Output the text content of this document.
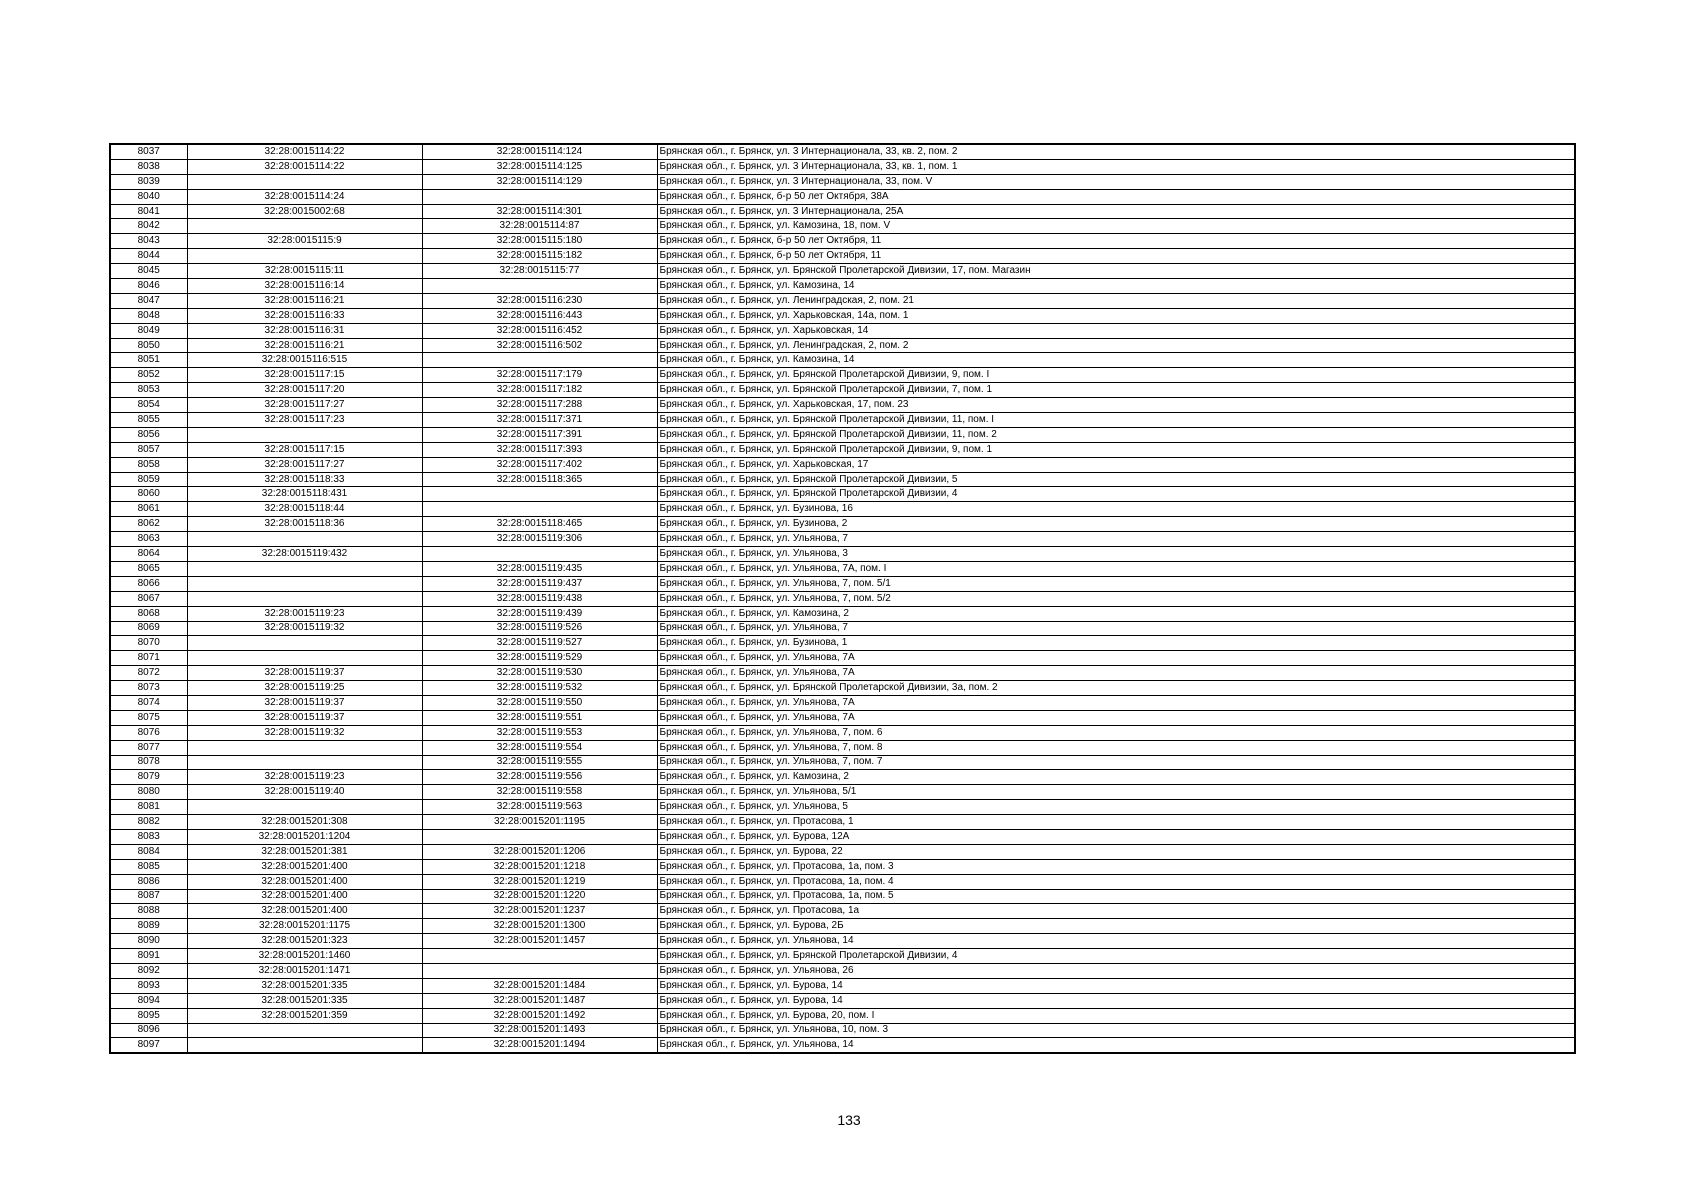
8037	32:28:0015114:22	32:28:0015114:124	Брянская обл., г. Брянск, ул. 3 Интернационала, 33, кв. 2, пом. 2
8038	32:28:0015114:22	32:28:0015114:125	Брянская обл., г. Брянск, ул. 3 Интернационала, 33, кв. 1, пом. 1
8039		32:28:0015114:129	Брянская обл., г. Брянск, ул. 3 Интернационала, 33, пом. V
8040	32:28:0015114:24		Брянская обл., г. Брянск, б-р 50 лет Октября, 38А
8041	32:28:0015002:68	32:28:0015114:301	Брянская обл., г. Брянск, ул. 3 Интернационала, 25А
8042		32:28:0015114:87	Брянская обл., г. Брянск, ул. Камозина, 18, пом. V
8043	32:28:0015115:9	32:28:0015115:180	Брянская обл., г. Брянск, б-р 50 лет Октября, 11
8044		32:28:0015115:182	Брянская обл., г. Брянск, б-р 50 лет Октября, 11
8045	32:28:0015115:11	32:28:0015115:77	Брянская обл., г. Брянск, ул. Брянской Пролетарской Дивизии, 17, пом. Магазин
8046	32:28:0015116:14		Брянская обл., г. Брянск, ул. Камозина, 14
8047	32:28:0015116:21	32:28:0015116:230	Брянская обл., г. Брянск, ул. Ленинградская, 2, пом. 21
8048	32:28:0015116:33	32:28:0015116:443	Брянская обл., г. Брянск, ул. Харьковская, 14а, пом. 1
8049	32:28:0015116:31	32:28:0015116:452	Брянская обл., г. Брянск, ул. Харьковская, 14
8050	32:28:0015116:21	32:28:0015116:502	Брянская обл., г. Брянск, ул. Ленинградская, 2, пом. 2
8051	32:28:0015116:515		Брянская обл., г. Брянск, ул. Камозина, 14
8052	32:28:0015117:15	32:28:0015117:179	Брянская обл., г. Брянск, ул. Брянской Пролетарской Дивизии, 9, пом. I
8053	32:28:0015117:20	32:28:0015117:182	Брянская обл., г. Брянск, ул. Брянской Пролетарской Дивизии, 7, пом. 1
8054	32:28:0015117:27	32:28:0015117:288	Брянская обл., г. Брянск, ул. Харьковская, 17, пом. 23
8055	32:28:0015117:23	32:28:0015117:371	Брянская обл., г. Брянск, ул. Брянской Пролетарской Дивизии, 11, пом. I
8056		32:28:0015117:391	Брянская обл., г. Брянск, ул. Брянской Пролетарской Дивизии, 11, пом. 2
8057	32:28:0015117:15	32:28:0015117:393	Брянская обл., г. Брянск, ул. Брянской Пролетарской Дивизии, 9, пом. 1
8058	32:28:0015117:27	32:28:0015117:402	Брянская обл., г. Брянск, ул. Харьковская, 17
8059	32:28:0015118:33	32:28:0015118:365	Брянская обл., г. Брянск, ул. Брянской Пролетарской Дивизии, 5
8060	32:28:0015118:431		Брянская обл., г. Брянск, ул. Брянской Пролетарской Дивизии, 4
8061	32:28:0015118:44		Брянская обл., г. Брянск, ул. Бузинова, 16
8062	32:28:0015118:36	32:28:0015118:465	Брянская обл., г. Брянск, ул. Бузинова, 2
8063		32:28:0015119:306	Брянская обл., г. Брянск, ул. Ульянова, 7
8064	32:28:0015119:432		Брянская обл., г. Брянск, ул. Ульянова, 3
8065		32:28:0015119:435	Брянская обл., г. Брянск, ул. Ульянова, 7А, пом. I
8066		32:28:0015119:437	Брянская обл., г. Брянск, ул. Ульянова, 7, пом. 5/1
8067		32:28:0015119:438	Брянская обл., г. Брянск, ул. Ульянова, 7, пом. 5/2
8068	32:28:0015119:23	32:28:0015119:439	Брянская обл., г. Брянск, ул. Камозина, 2
8069	32:28:0015119:32	32:28:0015119:526	Брянская обл., г. Брянск, ул. Ульянова, 7
8070		32:28:0015119:527	Брянская обл., г. Брянск, ул. Бузинова, 1
8071		32:28:0015119:529	Брянская обл., г. Брянск, ул. Ульянова, 7А
8072	32:28:0015119:37	32:28:0015119:530	Брянская обл., г. Брянск, ул. Ульянова, 7А
8073	32:28:0015119:25	32:28:0015119:532	Брянская обл., г. Брянск, ул. Брянской Пролетарской Дивизии, 3а, пом. 2
8074	32:28:0015119:37	32:28:0015119:550	Брянская обл., г. Брянск, ул. Ульянова, 7А
8075	32:28:0015119:37	32:28:0015119:551	Брянская обл., г. Брянск, ул. Ульянова, 7А
8076	32:28:0015119:32	32:28:0015119:553	Брянская обл., г. Брянск, ул. Ульянова, 7, пом. 6
8077		32:28:0015119:554	Брянская обл., г. Брянск, ул. Ульянова, 7, пом. 8
8078		32:28:0015119:555	Брянская обл., г. Брянск, ул. Ульянова, 7, пом. 7
8079	32:28:0015119:23	32:28:0015119:556	Брянская обл., г. Брянск, ул. Камозина, 2
8080	32:28:0015119:40	32:28:0015119:558	Брянская обл., г. Брянск, ул. Ульянова, 5/1
8081		32:28:0015119:563	Брянская обл., г. Брянск, ул. Ульянова, 5
8082	32:28:0015201:308	32:28:0015201:1195	Брянская обл., г. Брянск, ул. Протасова, 1
8083	32:28:0015201:1204		Брянская обл., г. Брянск, ул. Бурова, 12А
8084	32:28:0015201:381	32:28:0015201:1206	Брянская обл., г. Брянск, ул. Бурова, 22
8085	32:28:0015201:400	32:28:0015201:1218	Брянская обл., г. Брянск, ул. Протасова, 1а, пом. 3
8086	32:28:0015201:400	32:28:0015201:1219	Брянская обл., г. Брянск, ул. Протасова, 1а, пом. 4
8087	32:28:0015201:400	32:28:0015201:1220	Брянская обл., г. Брянск, ул. Протасова, 1а, пом. 5
8088	32:28:0015201:400	32:28:0015201:1237	Брянская обл., г. Брянск, ул. Протасова, 1а
8089	32:28:0015201:1175	32:28:0015201:1300	Брянская обл., г. Брянск, ул. Бурова, 2Б
8090	32:28:0015201:323	32:28:0015201:1457	Брянская обл., г. Брянск, ул. Ульянова, 14
8091	32:28:0015201:1460		Брянская обл., г. Брянск, ул. Брянской Пролетарской Дивизии, 4
8092	32:28:0015201:1471		Брянская обл., г. Брянск, ул. Ульянова, 26
8093	32:28:0015201:335	32:28:0015201:1484	Брянская обл., г. Брянск, ул. Бурова, 14
8094	32:28:0015201:335	32:28:0015201:1487	Брянская обл., г. Брянск, ул. Бурова, 14
8095	32:28:0015201:359	32:28:0015201:1492	Брянская обл., г. Брянск, ул. Бурова, 20, пом. I
8096		32:28:0015201:1493	Брянская обл., г. Брянск, ул. Ульянова, 10, пом. 3
8097		32:28:0015201:1494	Брянская обл., г. Брянск, ул. Ульянова, 14
133
